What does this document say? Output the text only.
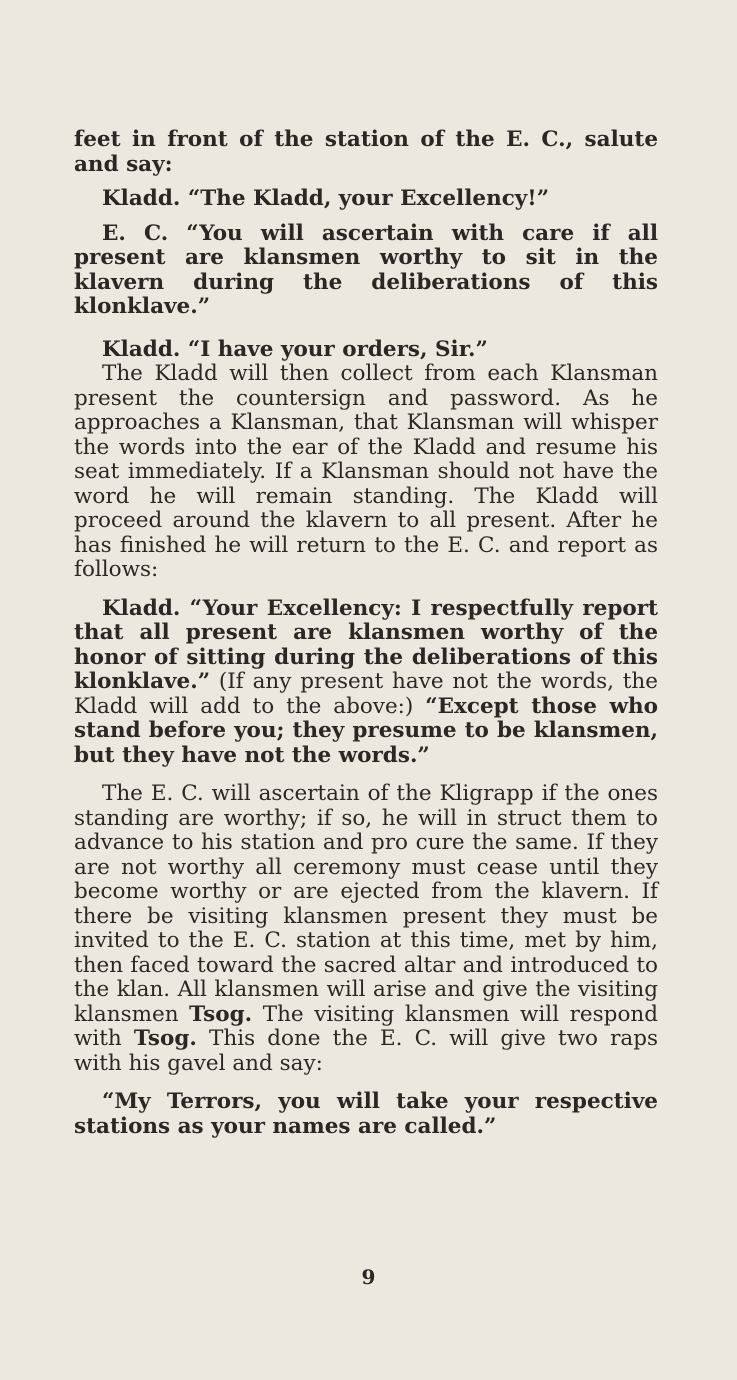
feet in front of the station of the E. C., salute and say:

Kladd. “The Kladd, your Excellency!”

E. C. “You will ascertain with care if all present are klansmen worthy to sit in the klavern during the deliberations of this klonklave.”

Kladd. “I have your orders, Sir.”

The Kladd will then collect from each Klansman present the countersign and password. As he approaches a Klansman, that Klansman will whisper the words into the ear of the Kladd and resume his seat immediately. If a Klansman should not have the word he will remain standing. The Kladd will proceed around the klavern to all present. After he has finished he will return to the E. C. and report as follows:

Kladd. “Your Excellency: I respectfully report that all present are klansmen worthy of the honor of sitting during the deliberations of this klonklave.” (If any present have not the words, the Kladd will add to the above:) “Except those who stand before you; they presume to be klansmen, but they have not the words.”

The E. C. will ascertain of the Kligrapp if the ones standing are worthy; if so, he will in struct them to advance to his station and pro cure the same. If they are not worthy all ceremony must cease until they become worthy or are ejected from the klavern. If there be visiting klansmen present they must be invited to the E. C. station at this time, met by him, then faced toward the sacred altar and introduced to the klan. All klansmen will arise and give the visiting klansmen Tsog. The visiting klansmen will respond with Tsog. This done the E. C. will give two raps with his gavel and say:

“My Terrors, you will take your respective stations as your names are called.”

9
